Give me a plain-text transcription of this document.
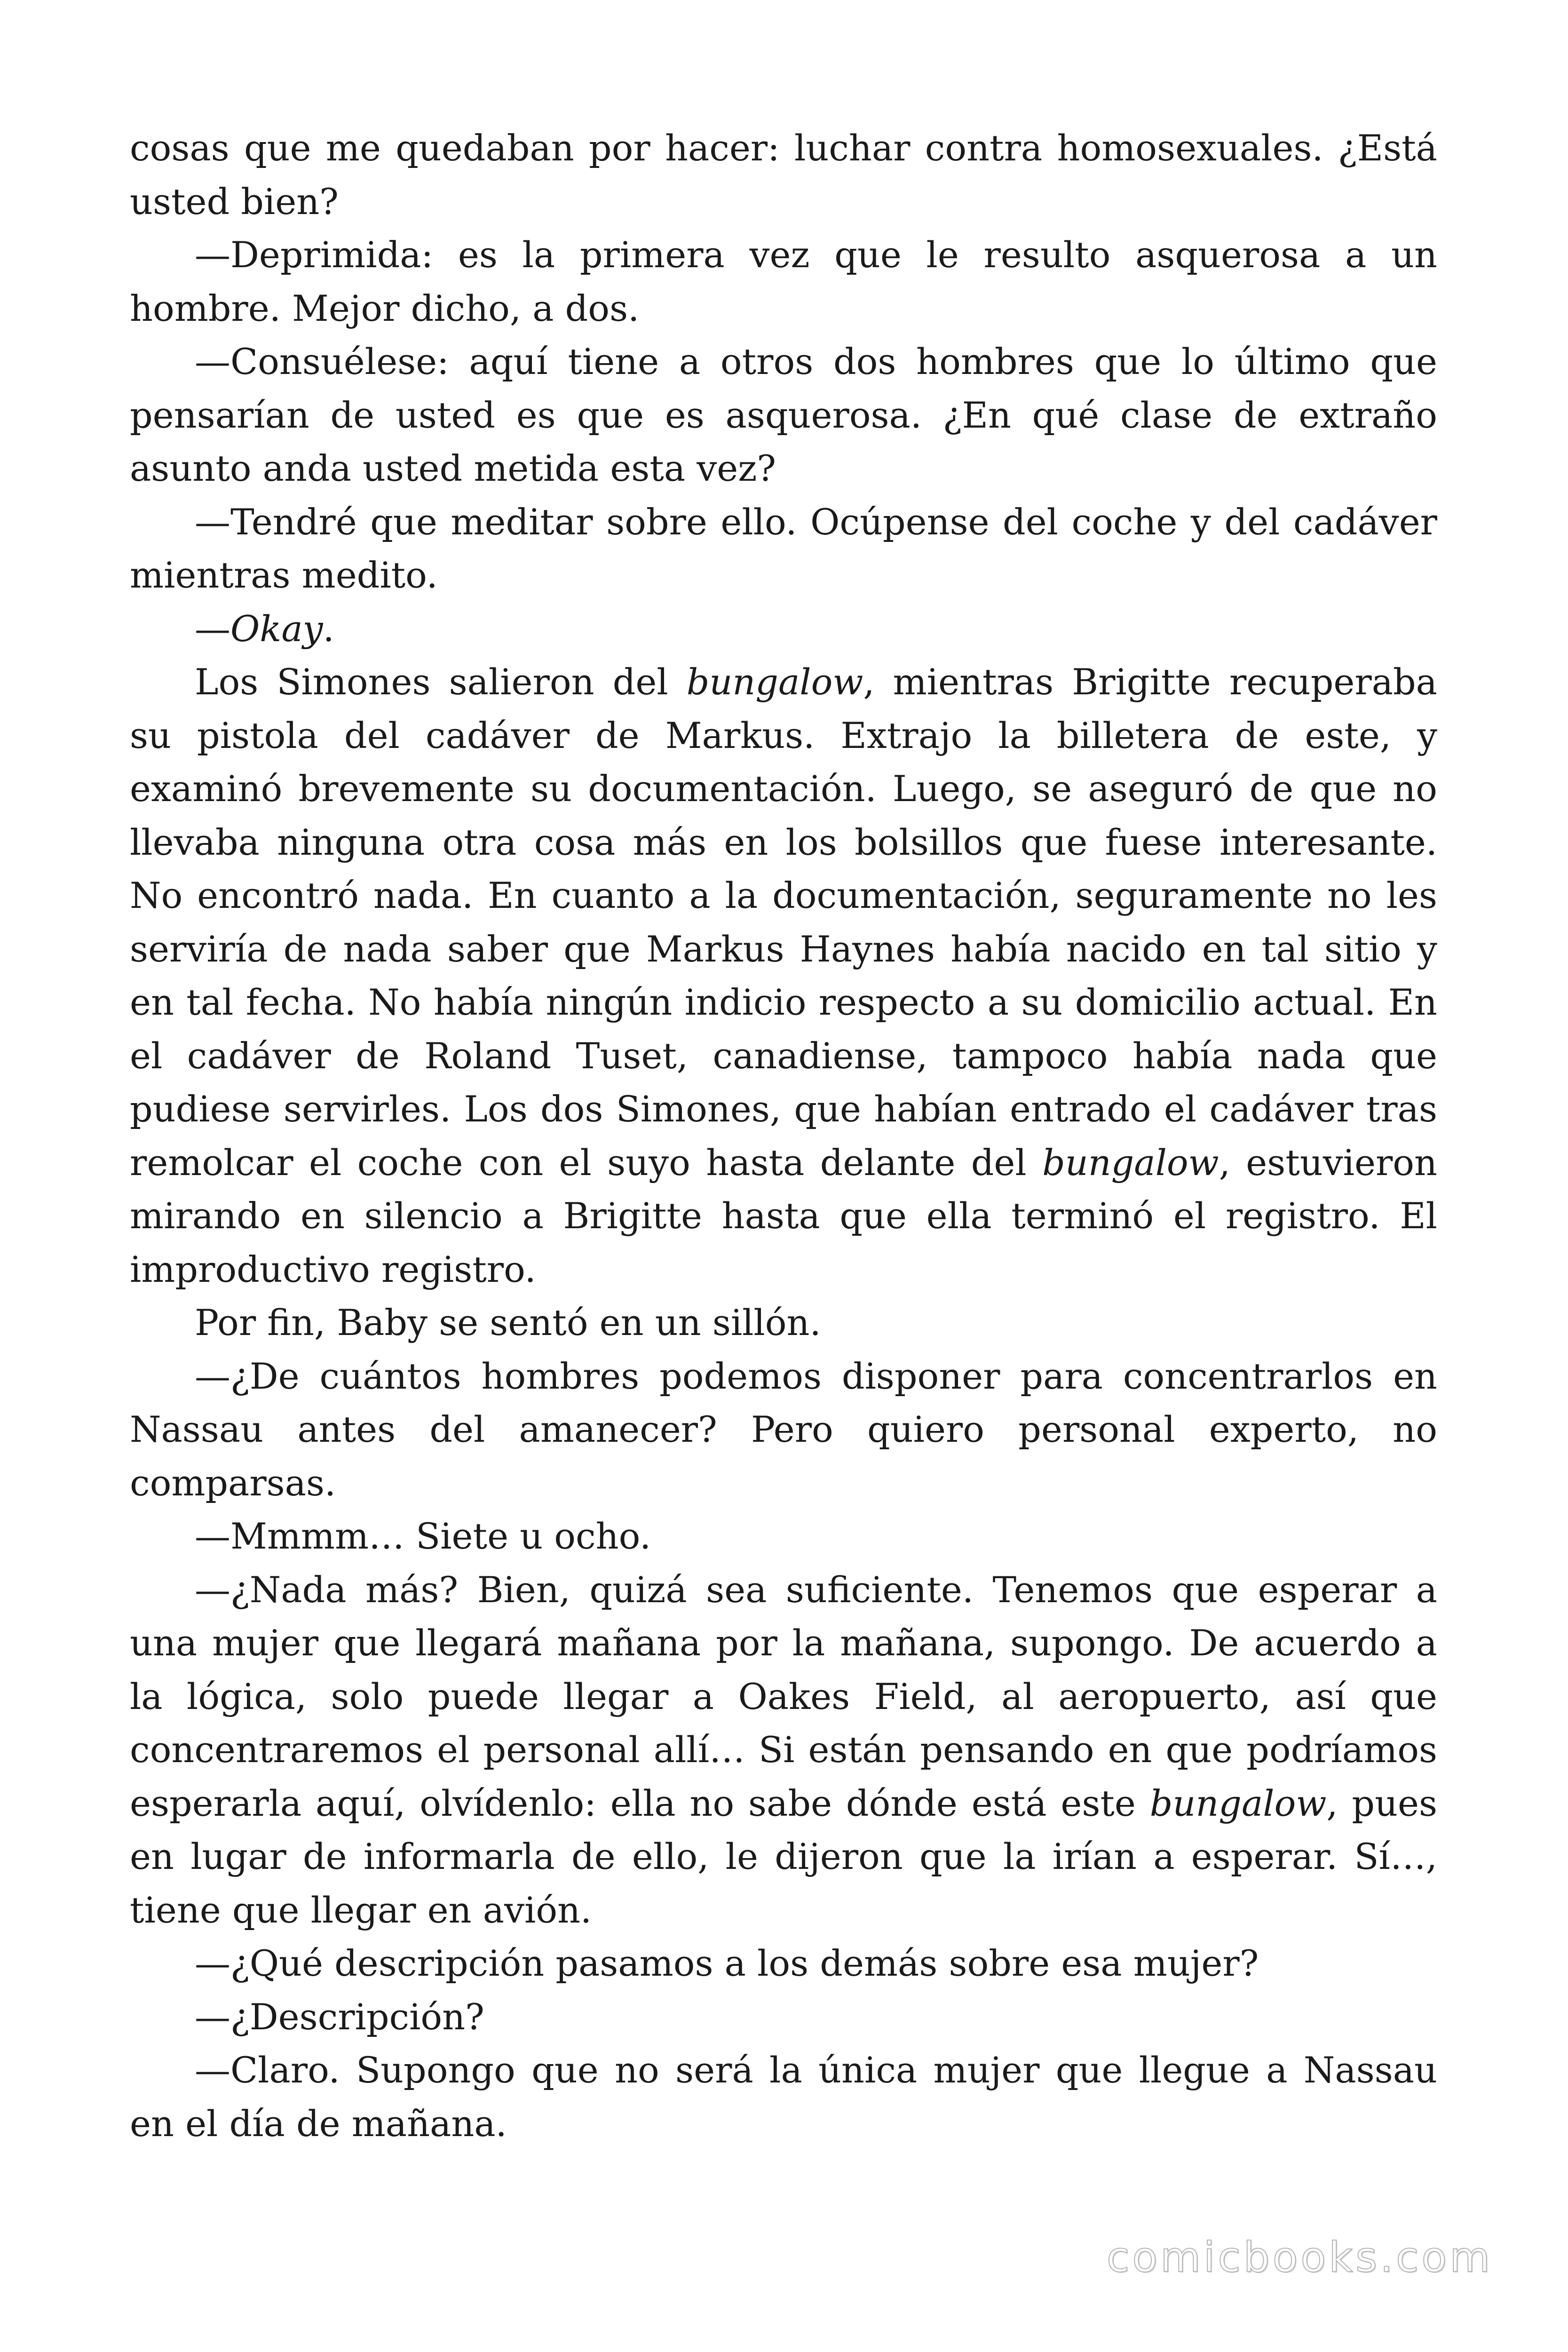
cosas que me quedaban por hacer: luchar contra homosexuales. ¿Está usted bien?

—Deprimida: es la primera vez que le resulto asquerosa a un hombre. Mejor dicho, a dos.

—Consuélese: aquí tiene a otros dos hombres que lo último que pensarían de usted es que es asquerosa. ¿En qué clase de extraño asunto anda usted metida esta vez?

—Tendré que meditar sobre ello. Ocúpense del coche y del cadáver mientras medito.

—Okay.

Los Simones salieron del bungalow, mientras Brigitte recuperaba su pistola del cadáver de Markus. Extrajo la billetera de este, y examinó brevemente su documentación. Luego, se aseguró de que no llevaba ninguna otra cosa más en los bolsillos que fuese interesante. No encontró nada. En cuanto a la documentación, seguramente no les serviría de nada saber que Markus Haynes había nacido en tal sitio y en tal fecha. No había ningún indicio respecto a su domicilio actual. En el cadáver de Roland Tuset, canadiense, tampoco había nada que pudiese servirles. Los dos Simones, que habían entrado el cadáver tras remolcar el coche con el suyo hasta delante del bungalow, estuvieron mirando en silencio a Brigitte hasta que ella terminó el registro. El improductivo registro.

Por fin, Baby se sentó en un sillón.

—¿De cuántos hombres podemos disponer para concentrarlos en Nassau antes del amanecer? Pero quiero personal experto, no comparsas.

—Mmmm… Siete u ocho.

—¿Nada más? Bien, quizá sea suficiente. Tenemos que esperar a una mujer que llegará mañana por la mañana, supongo. De acuerdo a la lógica, solo puede llegar a Oakes Field, al aeropuerto, así que concentraremos el personal allí… Si están pensando en que podríamos esperarla aquí, olvídenlo: ella no sabe dónde está este bungalow, pues en lugar de informarla de ello, le dijeron que la irían a esperar. Sí…, tiene que llegar en avión.

—¿Qué descripción pasamos a los demás sobre esa mujer?

—¿Descripción?

—Claro. Supongo que no será la única mujer que llegue a Nassau en el día de mañana.

comicbooks.com
